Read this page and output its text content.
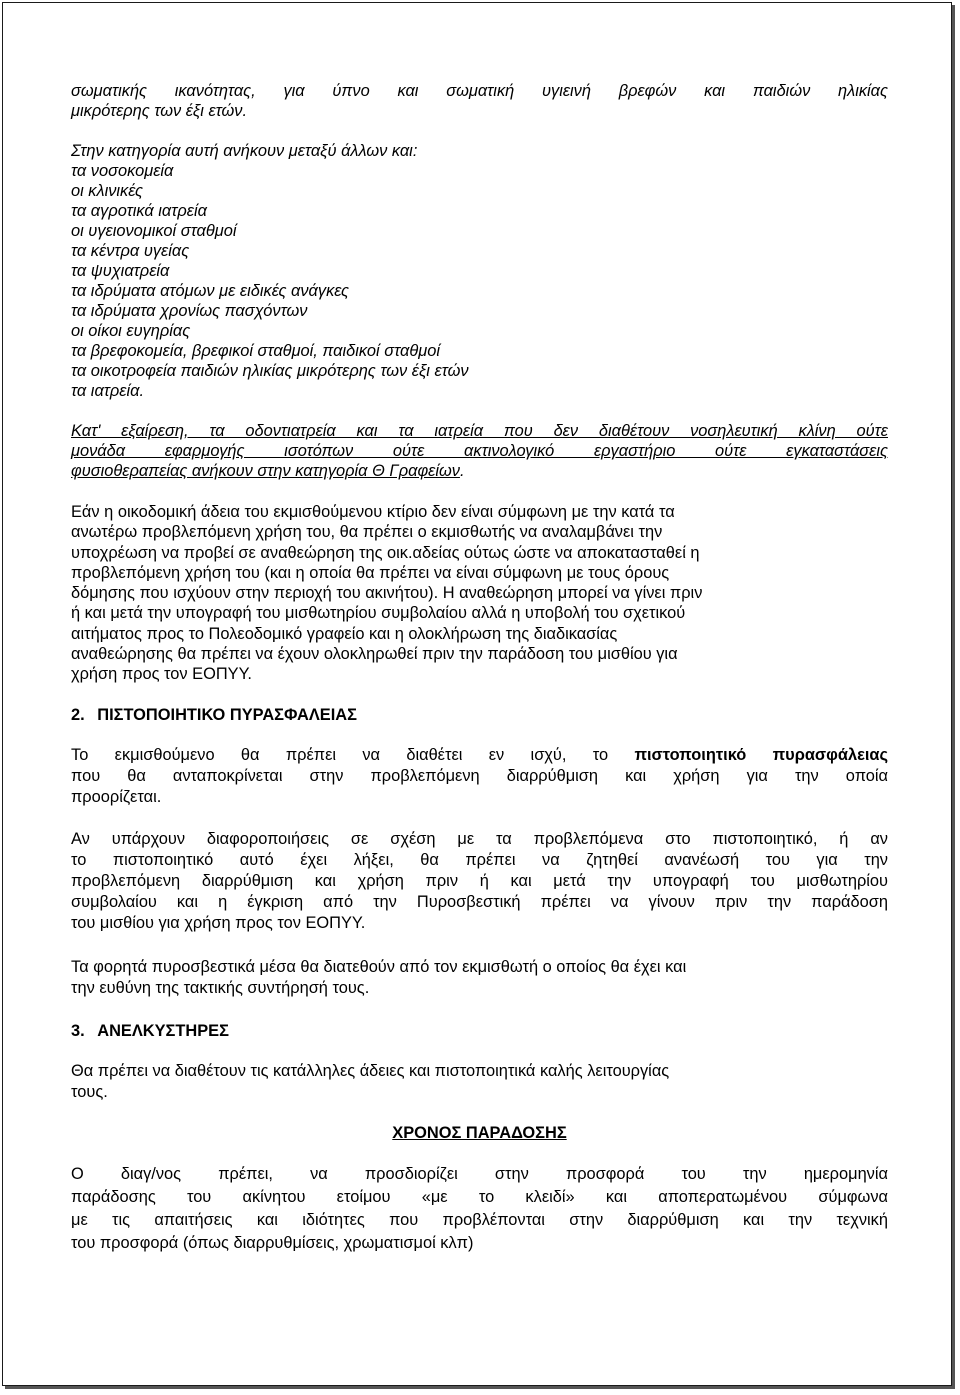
σωματικής ικανότητας, για ύπνο και σωματική υγιεινή βρεφών και παιδιών ηλικίας
μικρότερης των έξι ετών.
Στην κατηγορία αυτή ανήκουν μεταξύ άλλων και:
τα νοσοκομεία
οι κλινικές
τα αγροτικά ιατρεία
οι υγειονομικοί σταθμοί
τα κέντρα υγείας
τα ψυχιατρεία
τα ιδρύματα ατόμων με ειδικές ανάγκες
τα ιδρύματα χρονίως πασχόντων
οι οίκοι ευγηρίας
τα βρεφοκομεία, βρεφικοί σταθμοί, παιδικοί σταθμοί
τα οικοτροφεία παιδιών ηλικίας μικρότερης των έξι ετών
τα ιατρεία.
Κατ' εξαίρεση, τα οδοντιατρεία και τα ιατρεία που δεν διαθέτουν νοσηλευτική κλίνη ούτε
μονάδα εφαρμογής ισοτόπων ούτε ακτινολογικό εργαστήριο ούτε εγκαταστάσεις
φυσιοθεραπείας ανήκουν στην κατηγορία Θ Γραφείων.
Εάν η οικοδομική άδεια του εκμισθούμενου κτίριο δεν είναι σύμφωνη με την κατά τα
ανωτέρω προβλεπόμενη χρήση του, θα πρέπει ο εκμισθωτής να αναλαμβάνει την
υποχρέωση να προβεί σε αναθεώρηση της οικ.αδείας ούτως ώστε να αποκατασταθεί η
προβλεπόμενη χρήση του (και η οποία θα πρέπει να είναι σύμφωνη με τους όρους
δόμησης που ισχύουν στην περιοχή του ακινήτου). Η αναθεώρηση μπορεί να γίνει πριν
ή και μετά την υπογραφή του μισθωτηρίου συμβολαίου αλλά η υποβολή του σχετικού
αιτήματος προς το Πολεοδομικό γραφείο και η ολοκλήρωση της διαδικασίας
αναθεώρησης θα πρέπει να έχουν ολοκληρωθεί πριν την παράδοση του μισθίου για
χρήση προς τον ΕΟΠΥΥ.
2. ΠΙΣΤΟΠΟΙΗΤΙΚΟ ΠΥΡΑΣΦΑΛΕΙΑΣ
Το εκμισθούμενο θα πρέπει να διαθέτει εν ισχύ, το πιστοποιητικό πυρασφάλειας
που θα ανταποκρίνεται στην προβλεπόμενη διαρρύθμιση και χρήση για την οποία
προορίζεται.
Αν υπάρχουν διαφοροποιήσεις σε σχέση με τα προβλεπόμενα στο πιστοποιητικό, ή αν
το πιστοποιητικό αυτό έχει λήξει, θα πρέπει να ζητηθεί ανανέωσή του για την
προβλεπόμενη διαρρύθμιση και χρήση πριν ή και μετά την υπογραφή του μισθωτηρίου
συμβολαίου και η έγκριση από την Πυροσβεστική πρέπει να γίνουν πριν την παράδοση
του μισθίου για χρήση προς τον ΕΟΠΥΥ.
Τα φορητά πυροσβεστικά μέσα θα διατεθούν από τον εκμισθωτή ο οποίος θα έχει και
την ευθύνη της τακτικής συντήρησή τους.
3. ΑΝΕΛΚΥΣΤΗΡΕΣ
Θα πρέπει να διαθέτουν τις κατάλληλες άδειες και πιστοποιητικά καλής λειτουργίας
τους.
ΧΡΟΝΟΣ ΠΑΡΑΔΟΣΗΣ
Ο διαγ/νος πρέπει, να προσδιορίζει στην προσφορά του την ημερομηνία
παράδοσης του ακίνητου ετοίμου «με το κλειδί» και αποπερατωμένου σύμφωνα
με τις απαιτήσεις και ιδιότητες που προβλέπονται στην διαρρύθμιση και την τεχνική
του προσφορά (όπως διαρρυθμίσεις, χρωματισμοί κλπ)
